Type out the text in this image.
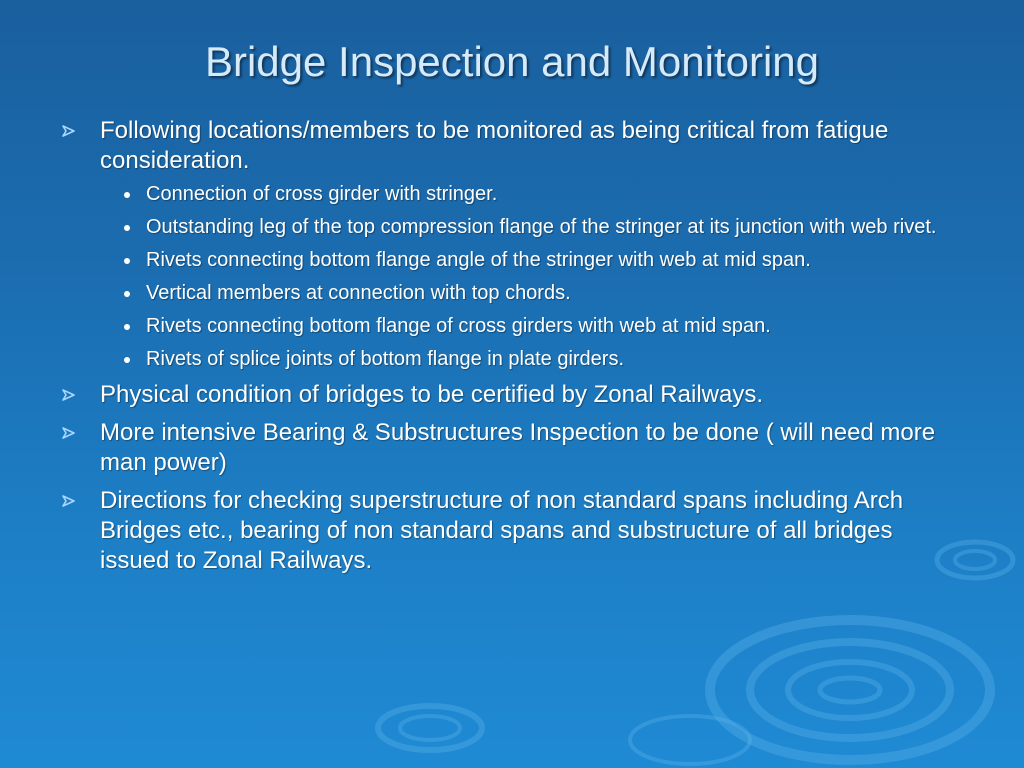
Bridge Inspection and Monitoring
Following locations/members to be monitored as being critical from fatigue consideration.
Connection of cross girder with stringer.
Outstanding leg of the top compression flange of the stringer at its junction with web rivet.
Rivets connecting bottom flange angle of the stringer with web at mid span.
Vertical members at connection with top chords.
Rivets connecting bottom flange of cross girders with web at mid span.
Rivets of splice joints of bottom flange in plate girders.
Physical condition of bridges to be certified by Zonal Railways.
More intensive Bearing & Substructures Inspection to be done ( will need more man power)
Directions for checking superstructure of non standard spans including Arch Bridges etc., bearing of non standard spans and substructure of all bridges issued to Zonal Railways.
